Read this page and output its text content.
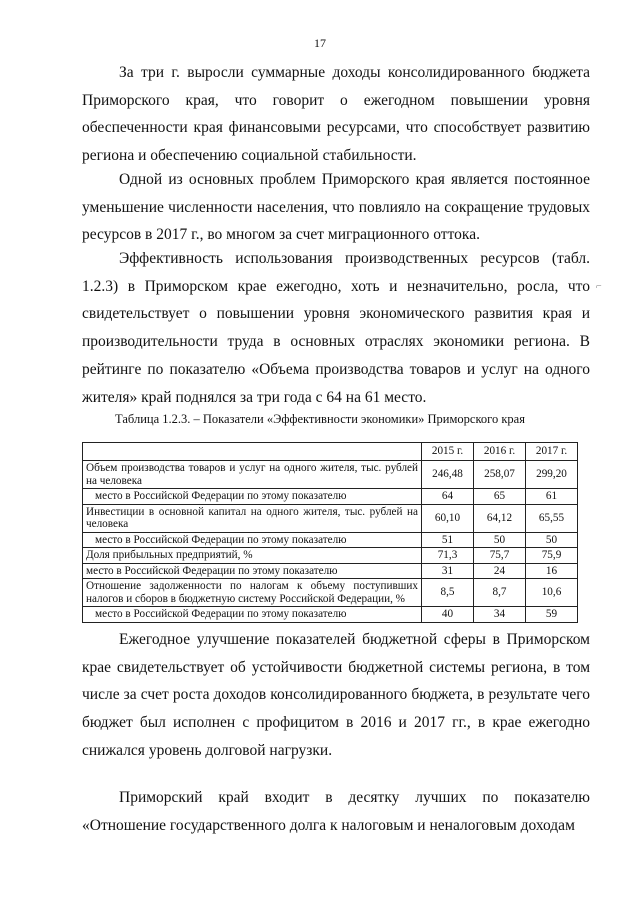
17

За три г. выросли суммарные доходы консолидированного бюджета Приморского края, что говорит о ежегодном повышении уровня обеспеченности края финансовыми ресурсами, что способствует развитию региона и обеспечению социальной стабильности.

Одной из основных проблем Приморского края является постоянное уменьшение численности населения, что повлияло на сокращение трудовых ресурсов в 2017 г., во многом за счет миграционного оттока.

Эффективность использования производственных ресурсов (табл. 1.2.3) в Приморском крае ежегодно, хоть и незначительно, росла, что свидетельствует о повышении уровня экономического развития края и производительности труда в основных отраслях экономики региона. В рейтинге по показателю «Объема производства товаров и услуг на одного жителя» край поднялся за три года с 64 на 61 место.

⌐
Таблица 1.2.3. – Показатели «Эффективности экономики» Приморского края
	2015 г.	2016 г.	2017 г.
Объем производства товаров и услуг на одного жителя, тыс. рублей на человека	246,48	258,07	299,20
место в Российской Федерации по этому показателю	64	65	61
Инвестиции в основной капитал на одного жителя, тыс. рублей на человека	60,10	64,12	65,55
место в Российской Федерации по этому показателю	51	50	50
Доля прибыльных предприятий, %	71,3	75,7	75,9
место в Российской Федерации по этому показателю	31	24	16
Отношение задолженности по налогам к объему поступивших налогов и сборов в бюджетную систему Российской Федерации, %	8,5	8,7	10,6
место в Российской Федерации по этому показателю	40	34	59

Ежегодное улучшение показателей бюджетной сферы в Приморском крае свидетельствует об устойчивости бюджетной системы региона, в том числе за счет роста доходов консолидированного бюджета, в результате чего бюджет был исполнен с профицитом в 2016 и 2017 гг., в крае ежегодно снижался уровень долговой нагрузки.

Приморский край входит в десятку лучших по показателю «Отношение государственного долга к налоговым и неналоговым доходам
